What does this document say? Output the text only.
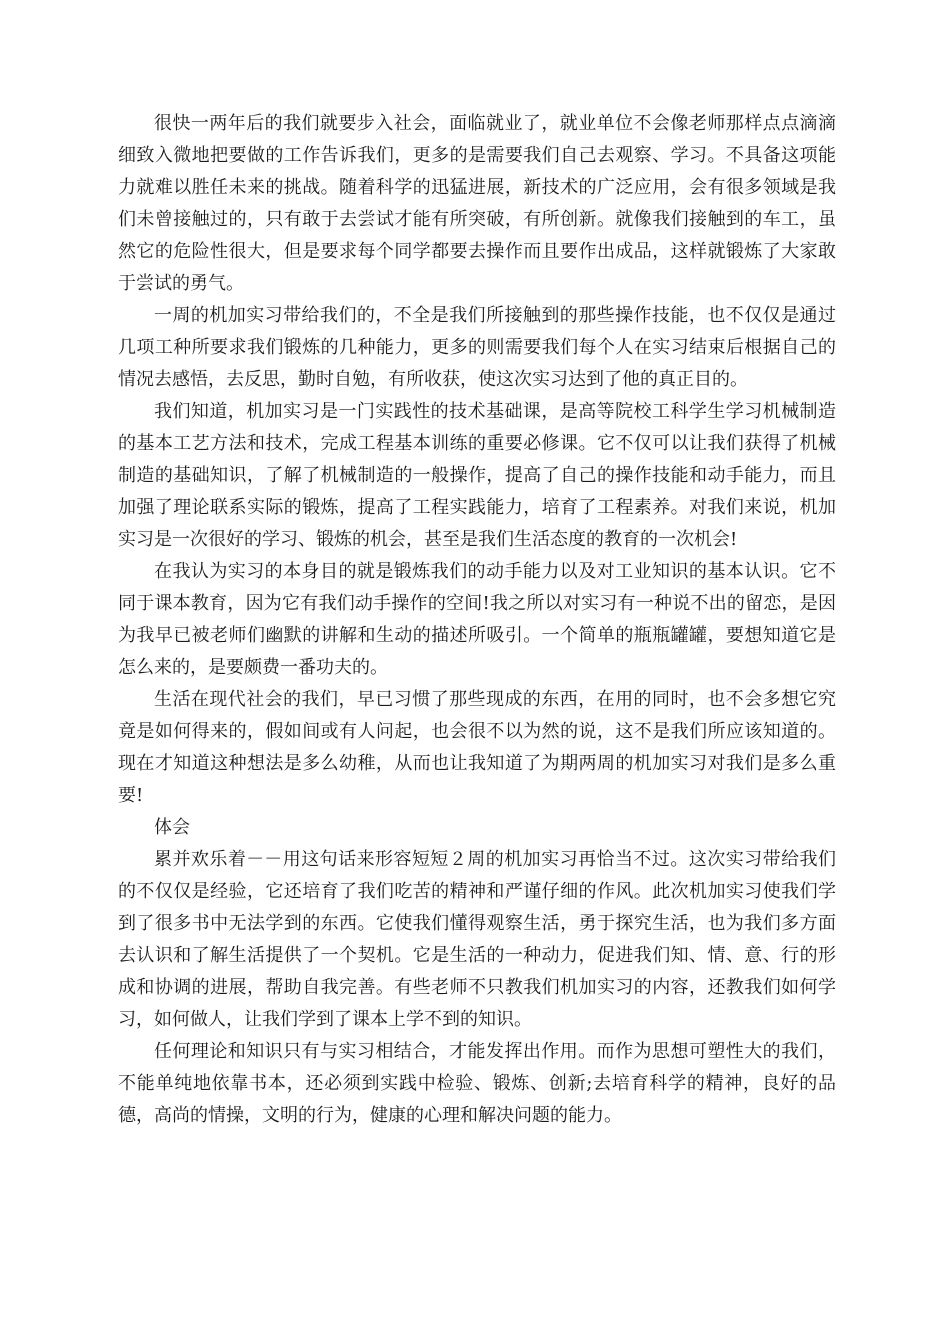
很快一两年后的我们就要步入社会，面临就业了，就业单位不会像老师那样点点滴滴细致入微地把要做的工作告诉我们，更多的是需要我们自己去观察、学习。不具备这项能力就难以胜任未来的挑战。随着科学的迅猛进展，新技术的广泛应用，会有很多领域是我们未曾接触过的，只有敢于去尝试才能有所突破，有所创新。就像我们接触到的车工，虽然它的危险性很大，但是要求每个同学都要去操作而且要作出成品，这样就锻炼了大家敢于尝试的勇气。

一周的机加实习带给我们的，不全是我们所接触到的那些操作技能，也不仅仅是通过几项工种所要求我们锻炼的几种能力，更多的则需要我们每个人在实习结束后根据自己的情况去感悟，去反思，勤时自勉，有所收获，使这次实习达到了他的真正目的。

我们知道，机加实习是一门实践性的技术基础课，是高等院校工科学生学习机械制造的基本工艺方法和技术，完成工程基本训练的重要必修课。它不仅可以让我们获得了机械制造的基础知识，了解了机械制造的一般操作，提高了自己的操作技能和动手能力，而且加强了理论联系实际的锻炼，提高了工程实践能力，培育了工程素养。对我们来说，机加实习是一次很好的学习、锻炼的机会，甚至是我们生活态度的教育的一次机会!

在我认为实习的本身目的就是锻炼我们的动手能力以及对工业知识的基本认识。它不同于课本教育，因为它有我们动手操作的空间!我之所以对实习有一种说不出的留恋，是因为我早已被老师们幽默的讲解和生动的描述所吸引。一个简单的瓶瓶罐罐，要想知道它是怎么来的，是要颇费一番功夫的。

生活在现代社会的我们，早已习惯了那些现成的东西，在用的同时，也不会多想它究竟是如何得来的，假如间或有人问起，也会很不以为然的说，这不是我们所应该知道的。现在才知道这种想法是多么幼稚，从而也让我知道了为期两周的机加实习对我们是多么重要!

体会

累并欢乐着－－用这句话来形容短短２周的机加实习再恰当不过。这次实习带给我们的不仅仅是经验，它还培育了我们吃苦的精神和严谨仔细的作风。此次机加实习使我们学到了很多书中无法学到的东西。它使我们懂得观察生活，勇于探究生活，也为我们多方面去认识和了解生活提供了一个契机。它是生活的一种动力，促进我们知、情、意、行的形成和协调的进展，帮助自我完善。有些老师不只教我们机加实习的内容，还教我们如何学习，如何做人，让我们学到了课本上学不到的知识。

任何理论和知识只有与实习相结合，才能发挥出作用。而作为思想可塑性大的我们，不能单纯地依靠书本，还必须到实践中检验、锻炼、创新;去培育科学的精神，良好的品德，高尚的情操，文明的行为，健康的心理和解决问题的能力。
